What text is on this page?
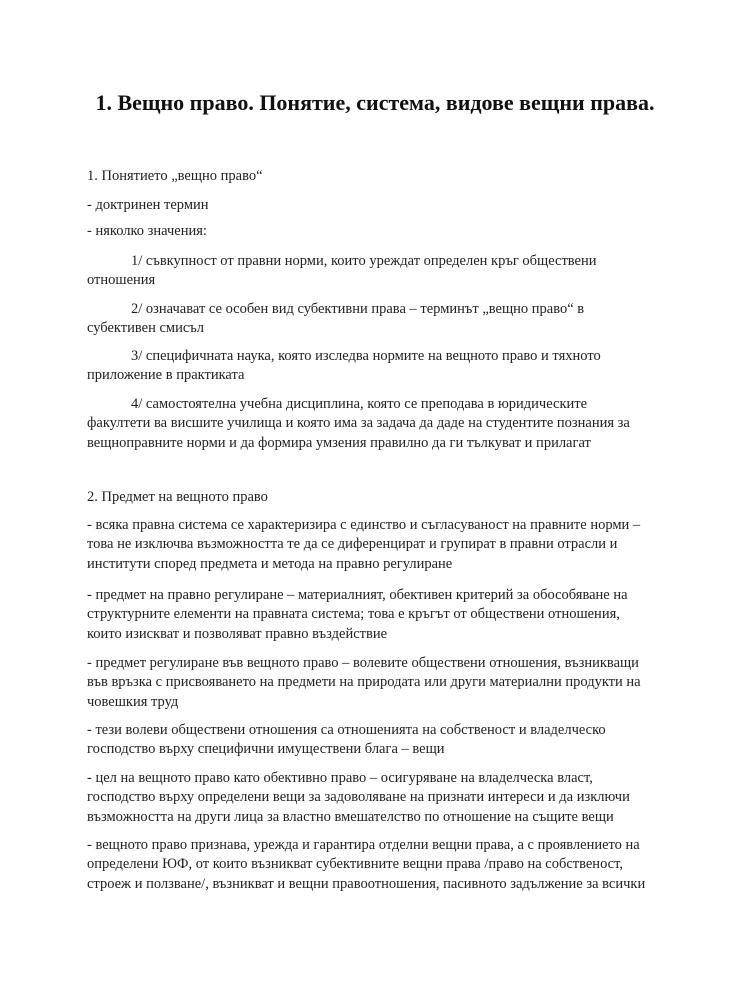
1. Вещно право. Понятие, система, видове вещни права.
1. Понятието „вещно право“
- доктринен термин
- няколко значения:
1/ съвкупност от правни норми, които уреждат определен кръг обществени
отношения
2/ означават се особен вид субективни права – терминът „вещно право“ в
субективен смисъл
3/ специфичната наука, която изследва нормите на вещното право и тяхното
приложение в практиката
4/ самостоятелна учебна дисциплина, която се преподава в юридическите
факултети ва висшите училища и която има за задача да даде на студентите познания за
вещноправните норми и да формира умзения правилно да ги тълкуват и прилагат
2. Предмет на вещното право
- всяка правна система се характеризира с единство и съгласуваност на правните норми –
това не изключва възможността те да се диференцират и групират в правни отрасли и
институти според предмета и метода на правно регулиране
- предмет на правно регулиране – материалният, обективен критерий за обособяване на
структурните елементи на правната система; това е кръгът от обществени отношения,
които изискват и позволяват правно въздействие
- предмет регулиране във вещното право – волевите обществени отношения, възникващи
във връзка с присвояването на предмети на природата или други материални продукти на
човешкия труд
- тези волеви обществени отношения са отношенията на собственост и владелческо
господство върху специфични имуществени блага – вещи
- цел на вещното право като обективно право – осигуряване на владелческа власт,
господство върху определени вещи за задоволяване на признати интереси и да изключи
възможността на други лица за властно вмешателство по отношение на същите вещи
- вещното право признава, урежда и гарантира отделни вещни права, а с проявлението на
определени ЮФ, от които възникват субективните вещни права /право на собственост,
строеж и ползване/, възникват и вещни правоотношения, пасивното задължение за всички
